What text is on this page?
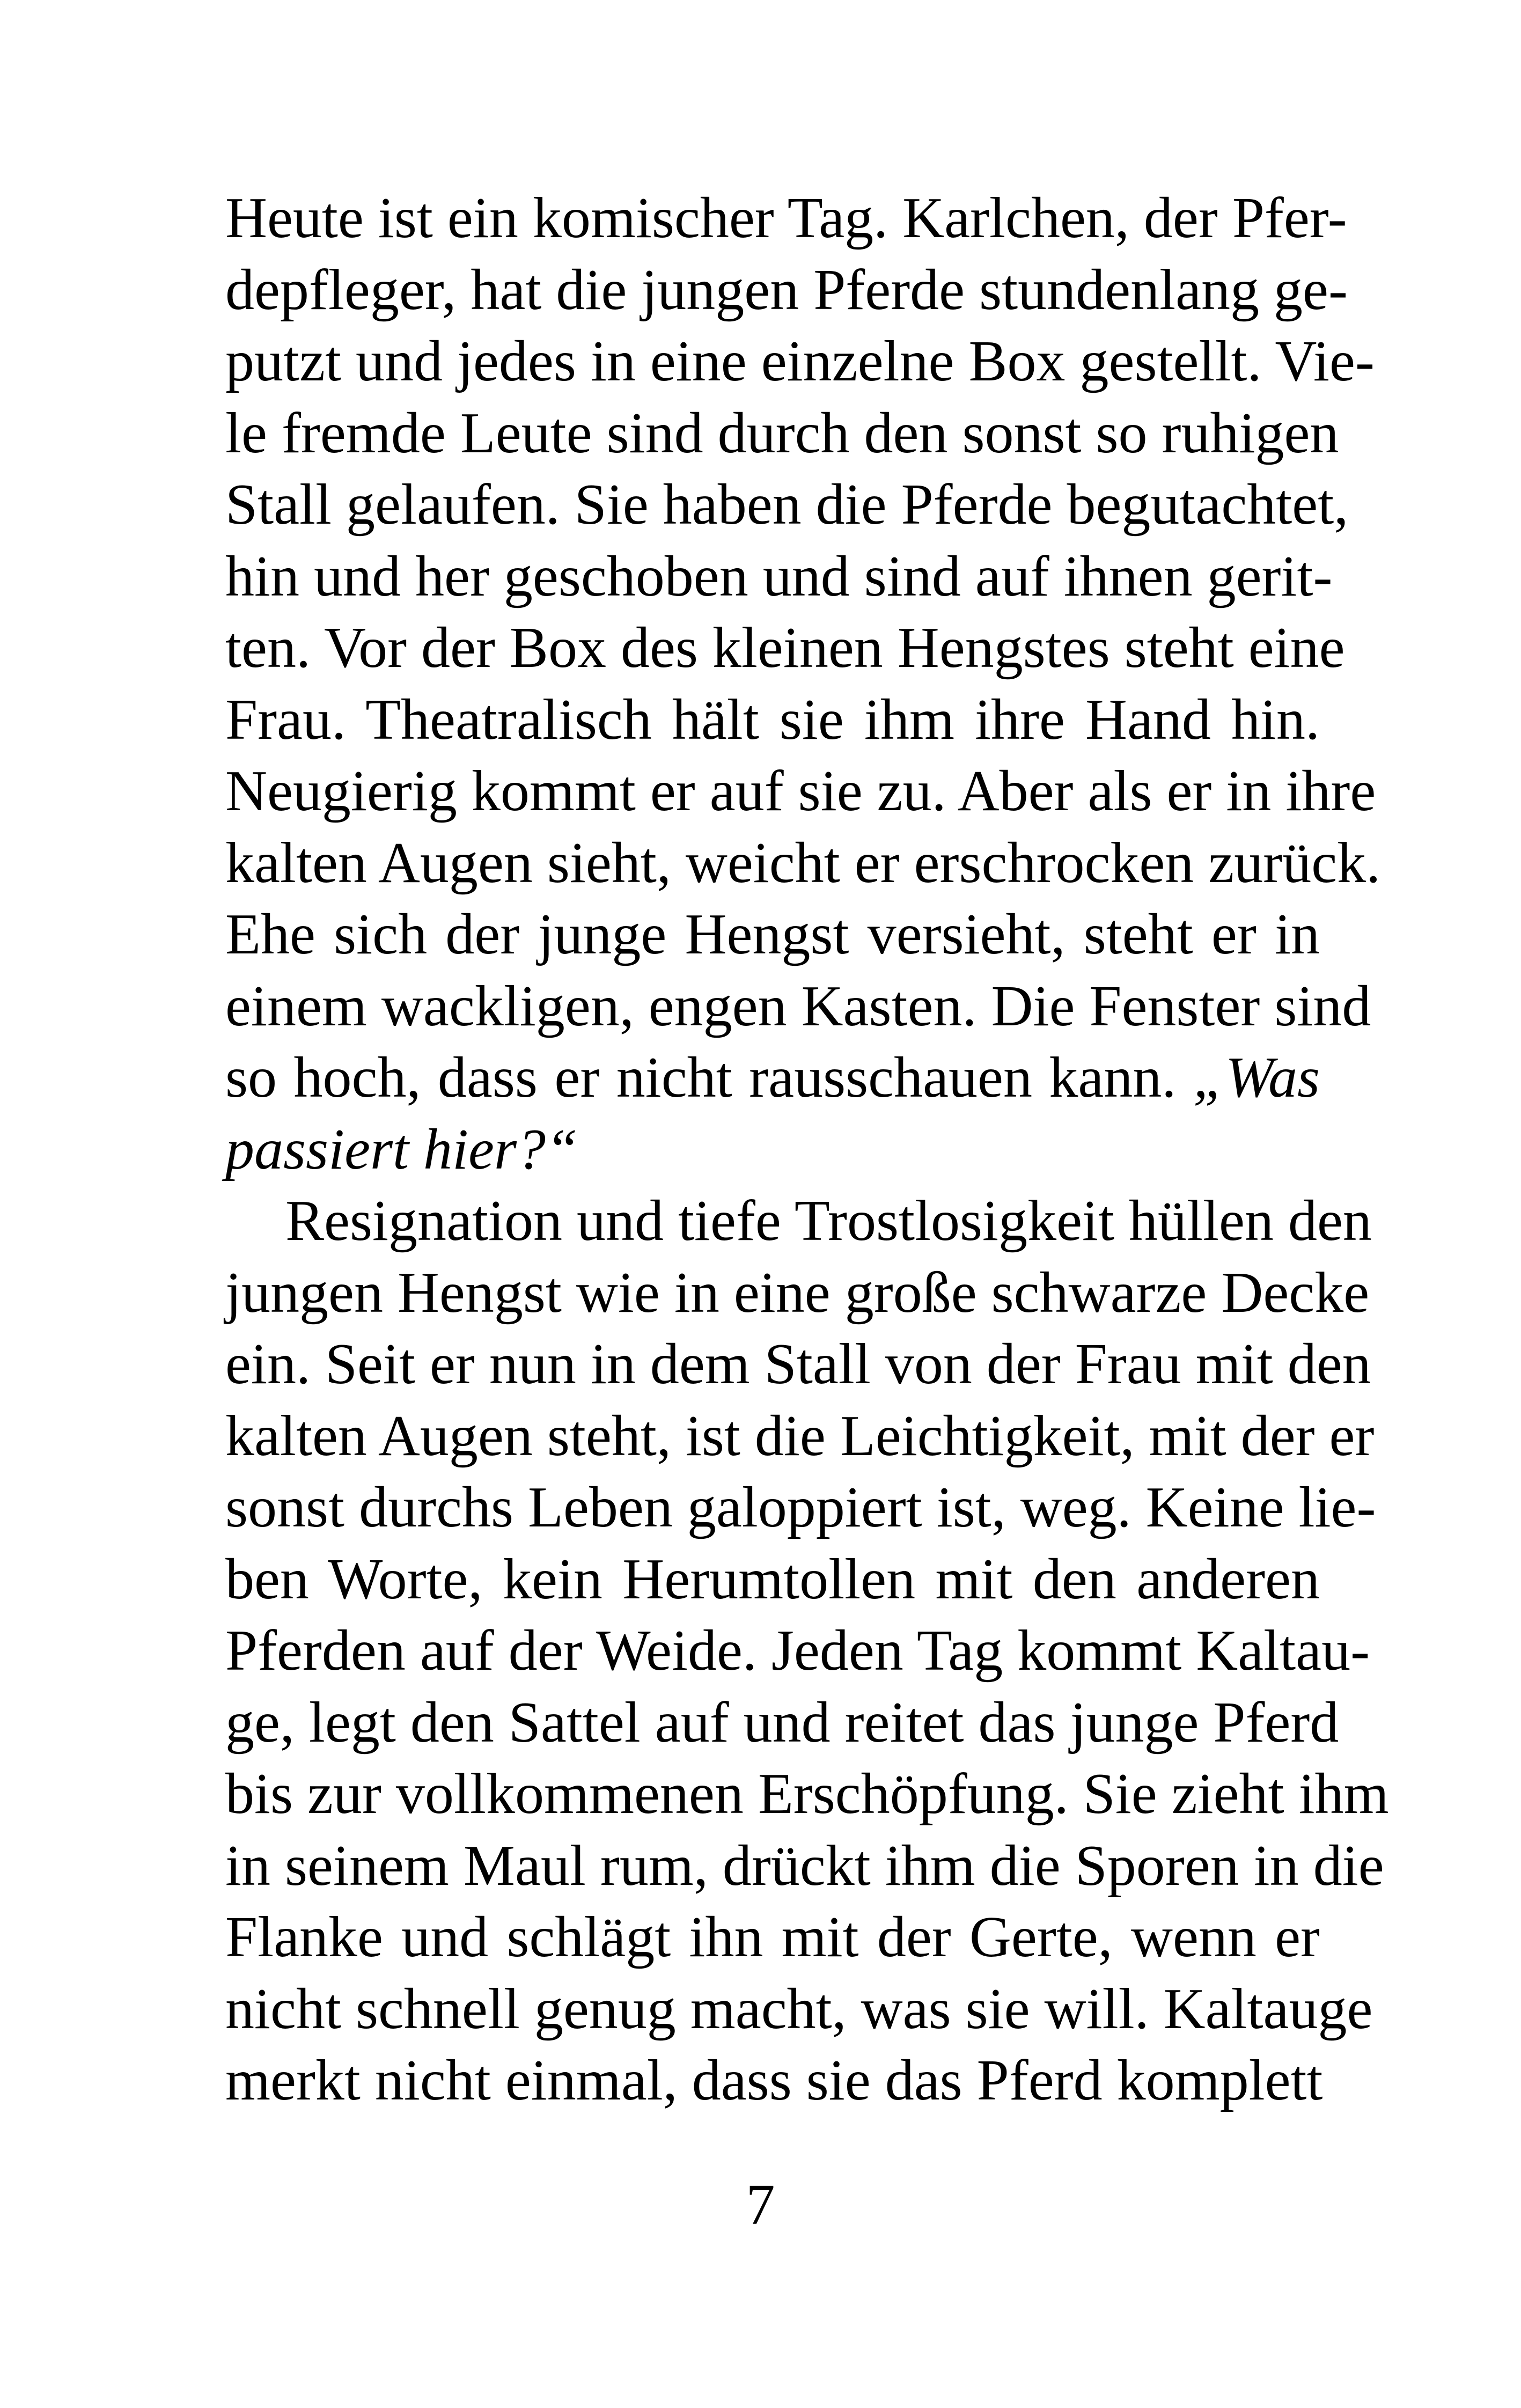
Heute ist ein komischer Tag. Karlchen, der Pfer-
depfleger, hat die jungen Pferde stundenlang ge-
putzt und jedes in eine einzelne Box gestellt. Vie-
le fremde Leute sind durch den sonst so ruhigen
Stall gelaufen. Sie haben die Pferde begutachtet,
hin und her geschoben und sind auf ihnen gerit-
ten. Vor der Box des kleinen Hengstes steht eine
Frau. Theatralisch hält sie ihm ihre Hand hin.
Neugierig kommt er auf sie zu. Aber als er in ihre
kalten Augen sieht, weicht er erschrocken zurück.
Ehe sich der junge Hengst versieht, steht er in
einem wackligen, engen Kasten. Die Fenster sind
so hoch, dass er nicht rausschauen kann. „Was
passiert hier?“
Resignation und tiefe Trostlosigkeit hüllen den
jungen Hengst wie in eine große schwarze Decke
ein. Seit er nun in dem Stall von der Frau mit den
kalten Augen steht, ist die Leichtigkeit, mit der er
sonst durchs Leben galoppiert ist, weg. Keine lie-
ben Worte, kein Herumtollen mit den anderen
Pferden auf der Weide. Jeden Tag kommt Kaltau-
ge, legt den Sattel auf und reitet das junge Pferd
bis zur vollkommenen Erschöpfung. Sie zieht ihm
in seinem Maul rum, drückt ihm die Sporen in die
Flanke und schlägt ihn mit der Gerte, wenn er
nicht schnell genug macht, was sie will. Kaltauge
merkt nicht einmal, dass sie das Pferd komplett
7
